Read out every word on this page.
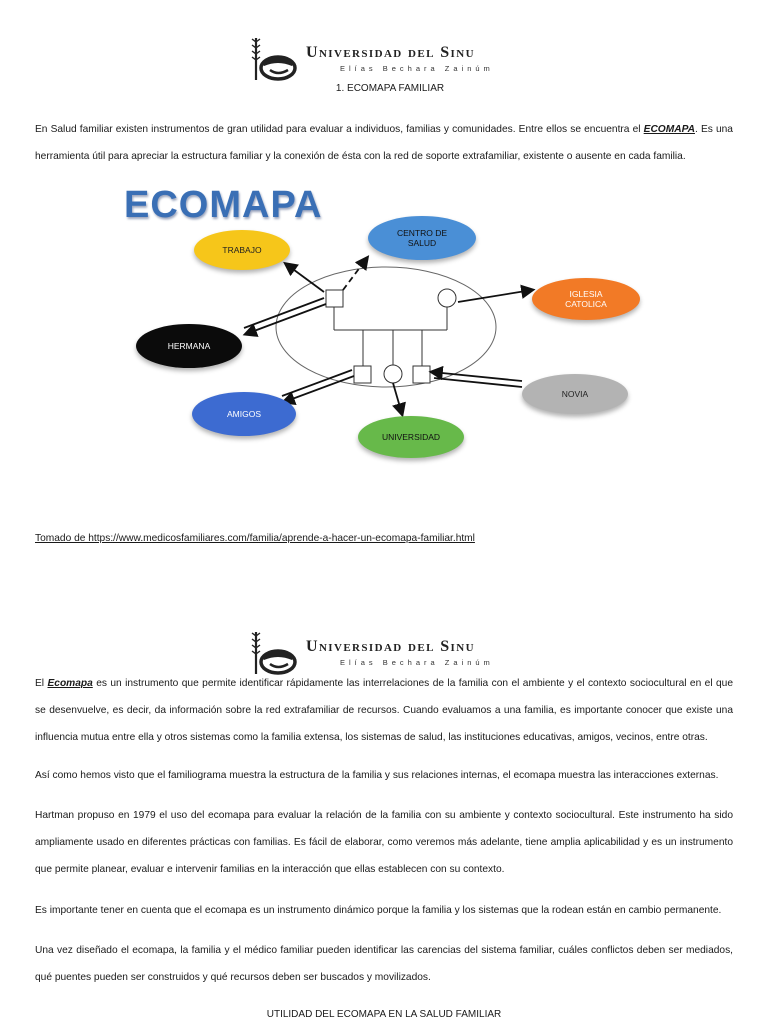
Universidad del Sinu
Elías Bechara Zainúm
1. ECOMAPA FAMILIAR
En Salud familiar existen instrumentos de gran utilidad para evaluar a individuos, familias y comunidades. Entre ellos se encuentra el ECOMAPA. Es una herramienta útil para apreciar la estructura familiar y la conexión de ésta con la red de soporte extrafamiliar, existente o ausente en cada familia.
ECOMAPA
TRABAJO
CENTRO DE
SALUD
IGLESIA
CATOLICA
HERMANA
NOVIA
AMIGOS
UNIVERSIDAD
Tomado de https://www.medicosfamiliares.com/familia/aprende-a-hacer-un-ecomapa-familiar.html
Universidad del Sinu
Elías Bechara Zainúm
El Ecomapa es un instrumento que permite identificar rápidamente las interrelaciones de la familia con el ambiente y el contexto sociocultural en el que se desenvuelve, es decir, da información sobre la red extrafamiliar de recursos. Cuando evaluamos a una familia, es importante conocer que existe una influencia mutua entre ella y otros sistemas como la familia extensa, los sistemas de salud, las instituciones educativas, amigos, vecinos, entre otras.
Así como hemos visto que el familiograma muestra la estructura de la familia y sus relaciones internas, el ecomapa muestra las interacciones externas.
Hartman propuso en 1979 el uso del ecomapa para evaluar la relación de la familia con su ambiente y contexto sociocultural. Este instrumento ha sido ampliamente usado en diferentes prácticas con familias. Es fácil de elaborar, como veremos más adelante, tiene amplia aplicabilidad y es un instrumento que permite planear, evaluar e intervenir familias en la interacción que ellas establecen con su contexto.
Es importante tener en cuenta que el ecomapa es un instrumento dinámico porque la familia y los sistemas que la rodean están en cambio permanente.
Una vez diseñado el ecomapa, la familia y el médico familiar pueden identificar las carencias del sistema familiar, cuáles conflictos deben ser mediados, qué puentes pueden ser construidos y qué recursos deben ser buscados y movilizados.
UTILIDAD DEL ECOMAPA EN LA SALUD FAMILIAR
